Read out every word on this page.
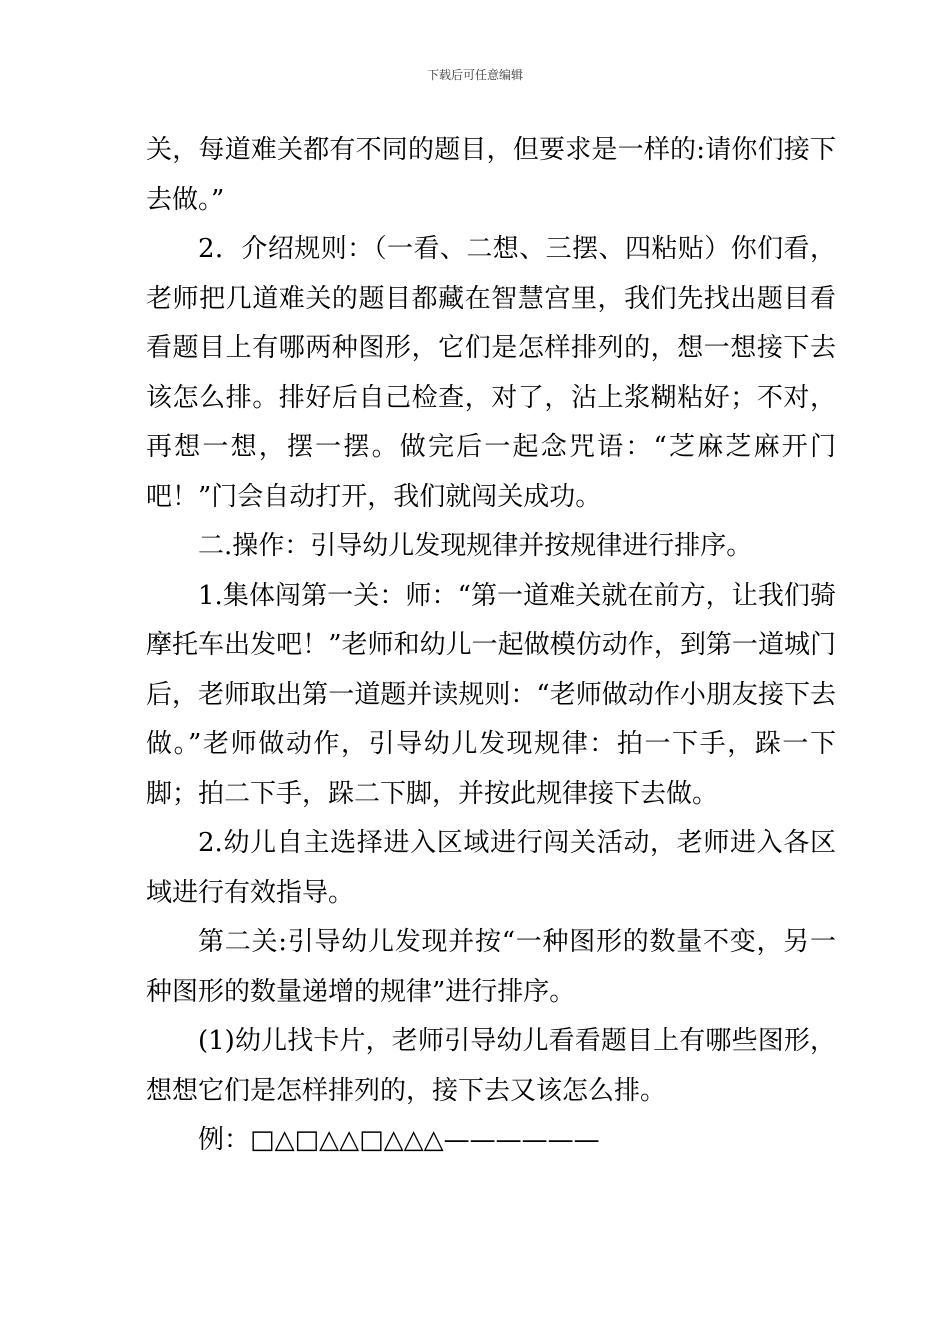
下载后可任意编辑

关，每道难关都有不同的题目，但要求是一样的:请你们接下去做。”

2．介绍规则：（一看、二想、三摆、四粘贴）你们看，老师把几道难关的题目都藏在智慧宫里，我们先找出题目看看题目上有哪两种图形，它们是怎样排列的，想一想接下去该怎么排。排好后自己检查，对了，沾上浆糊粘好；不对，再想一想，摆一摆。做完后一起念咒语：“芝麻芝麻开门吧！”门会自动打开，我们就闯关成功。

二.操作：引导幼儿发现规律并按规律进行排序。

1.集体闯第一关：师：“第一道难关就在前方，让我们骑摩托车出发吧！”老师和幼儿一起做模仿动作，到第一道城门后，老师取出第一道题并读规则：“老师做动作小朋友接下去做。”老师做动作，引导幼儿发现规律：拍一下手，跺一下脚；拍二下手，跺二下脚，并按此规律接下去做。

2.幼儿自主选择进入区域进行闯关活动，老师进入各区域进行有效指导。

第二关:引导幼儿发现并按“一种图形的数量不变，另一种图形的数量递增的规律”进行排序。

(1)幼儿找卡片，老师引导幼儿看看题目上有哪些图形，想想它们是怎样排列的，接下去又该怎么排。

例：□△□△△□△△△——————
